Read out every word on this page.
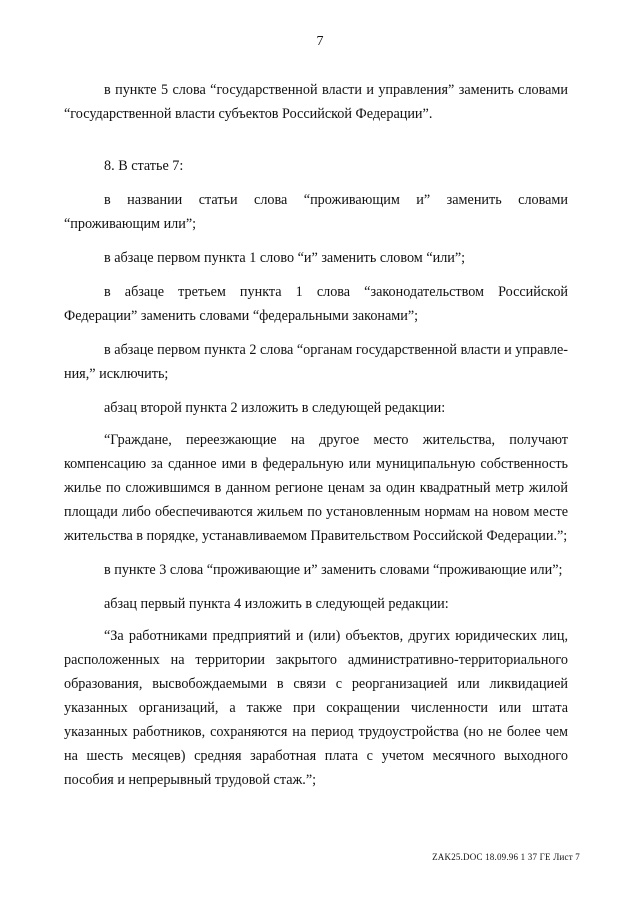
7

в пункте 5 слова “государственной власти и управления” заменить словами “государственной власти субъектов Российской Федерации”.

8. В статье 7:

в названии статьи слова “проживающим и” заменить словами “проживающим или”;

в абзаце первом пункта 1 слово “и” заменить словом “или”;

в абзаце третьем пункта 1 слова “законодательством Российской Федерации” заменить словами “федеральными законами”;

в абзаце первом пункта 2 слова “органам государственной власти и управления,” исключить;

абзац второй пункта 2 изложить в следующей редакции:

“Граждане, переезжающие на другое место жительства, получают компенсацию за сданное ими в федеральную или муниципальную собственность жилье по сложившимся в данном регионе ценам за один квадратный метр жилой площади либо обеспечиваются жильем по установленным нормам на новом месте жительства в порядке, устанавливаемом Правительством Российской Федерации.”;

в пункте 3 слова “проживающие и” заменить словами “проживающие или”;

абзац первый пункта 4 изложить в следующей редакции:

“За работниками предприятий и (или) объектов, других юридических лиц, расположенных на территории закрытого административно-территориального образования, высвобождаемыми в связи с реорганизацией или ликвидацией указанных организаций, а также при сокращении численности или штата указанных работников, сохраняются на период трудоустройства (но не более чем на шесть месяцев) средняя заработная плата с учетом месячного выходного пособия и непрерывный трудовой стаж.”;

ZAK25.DOC 18.09.96 1 37 ГЕ Лист 7
